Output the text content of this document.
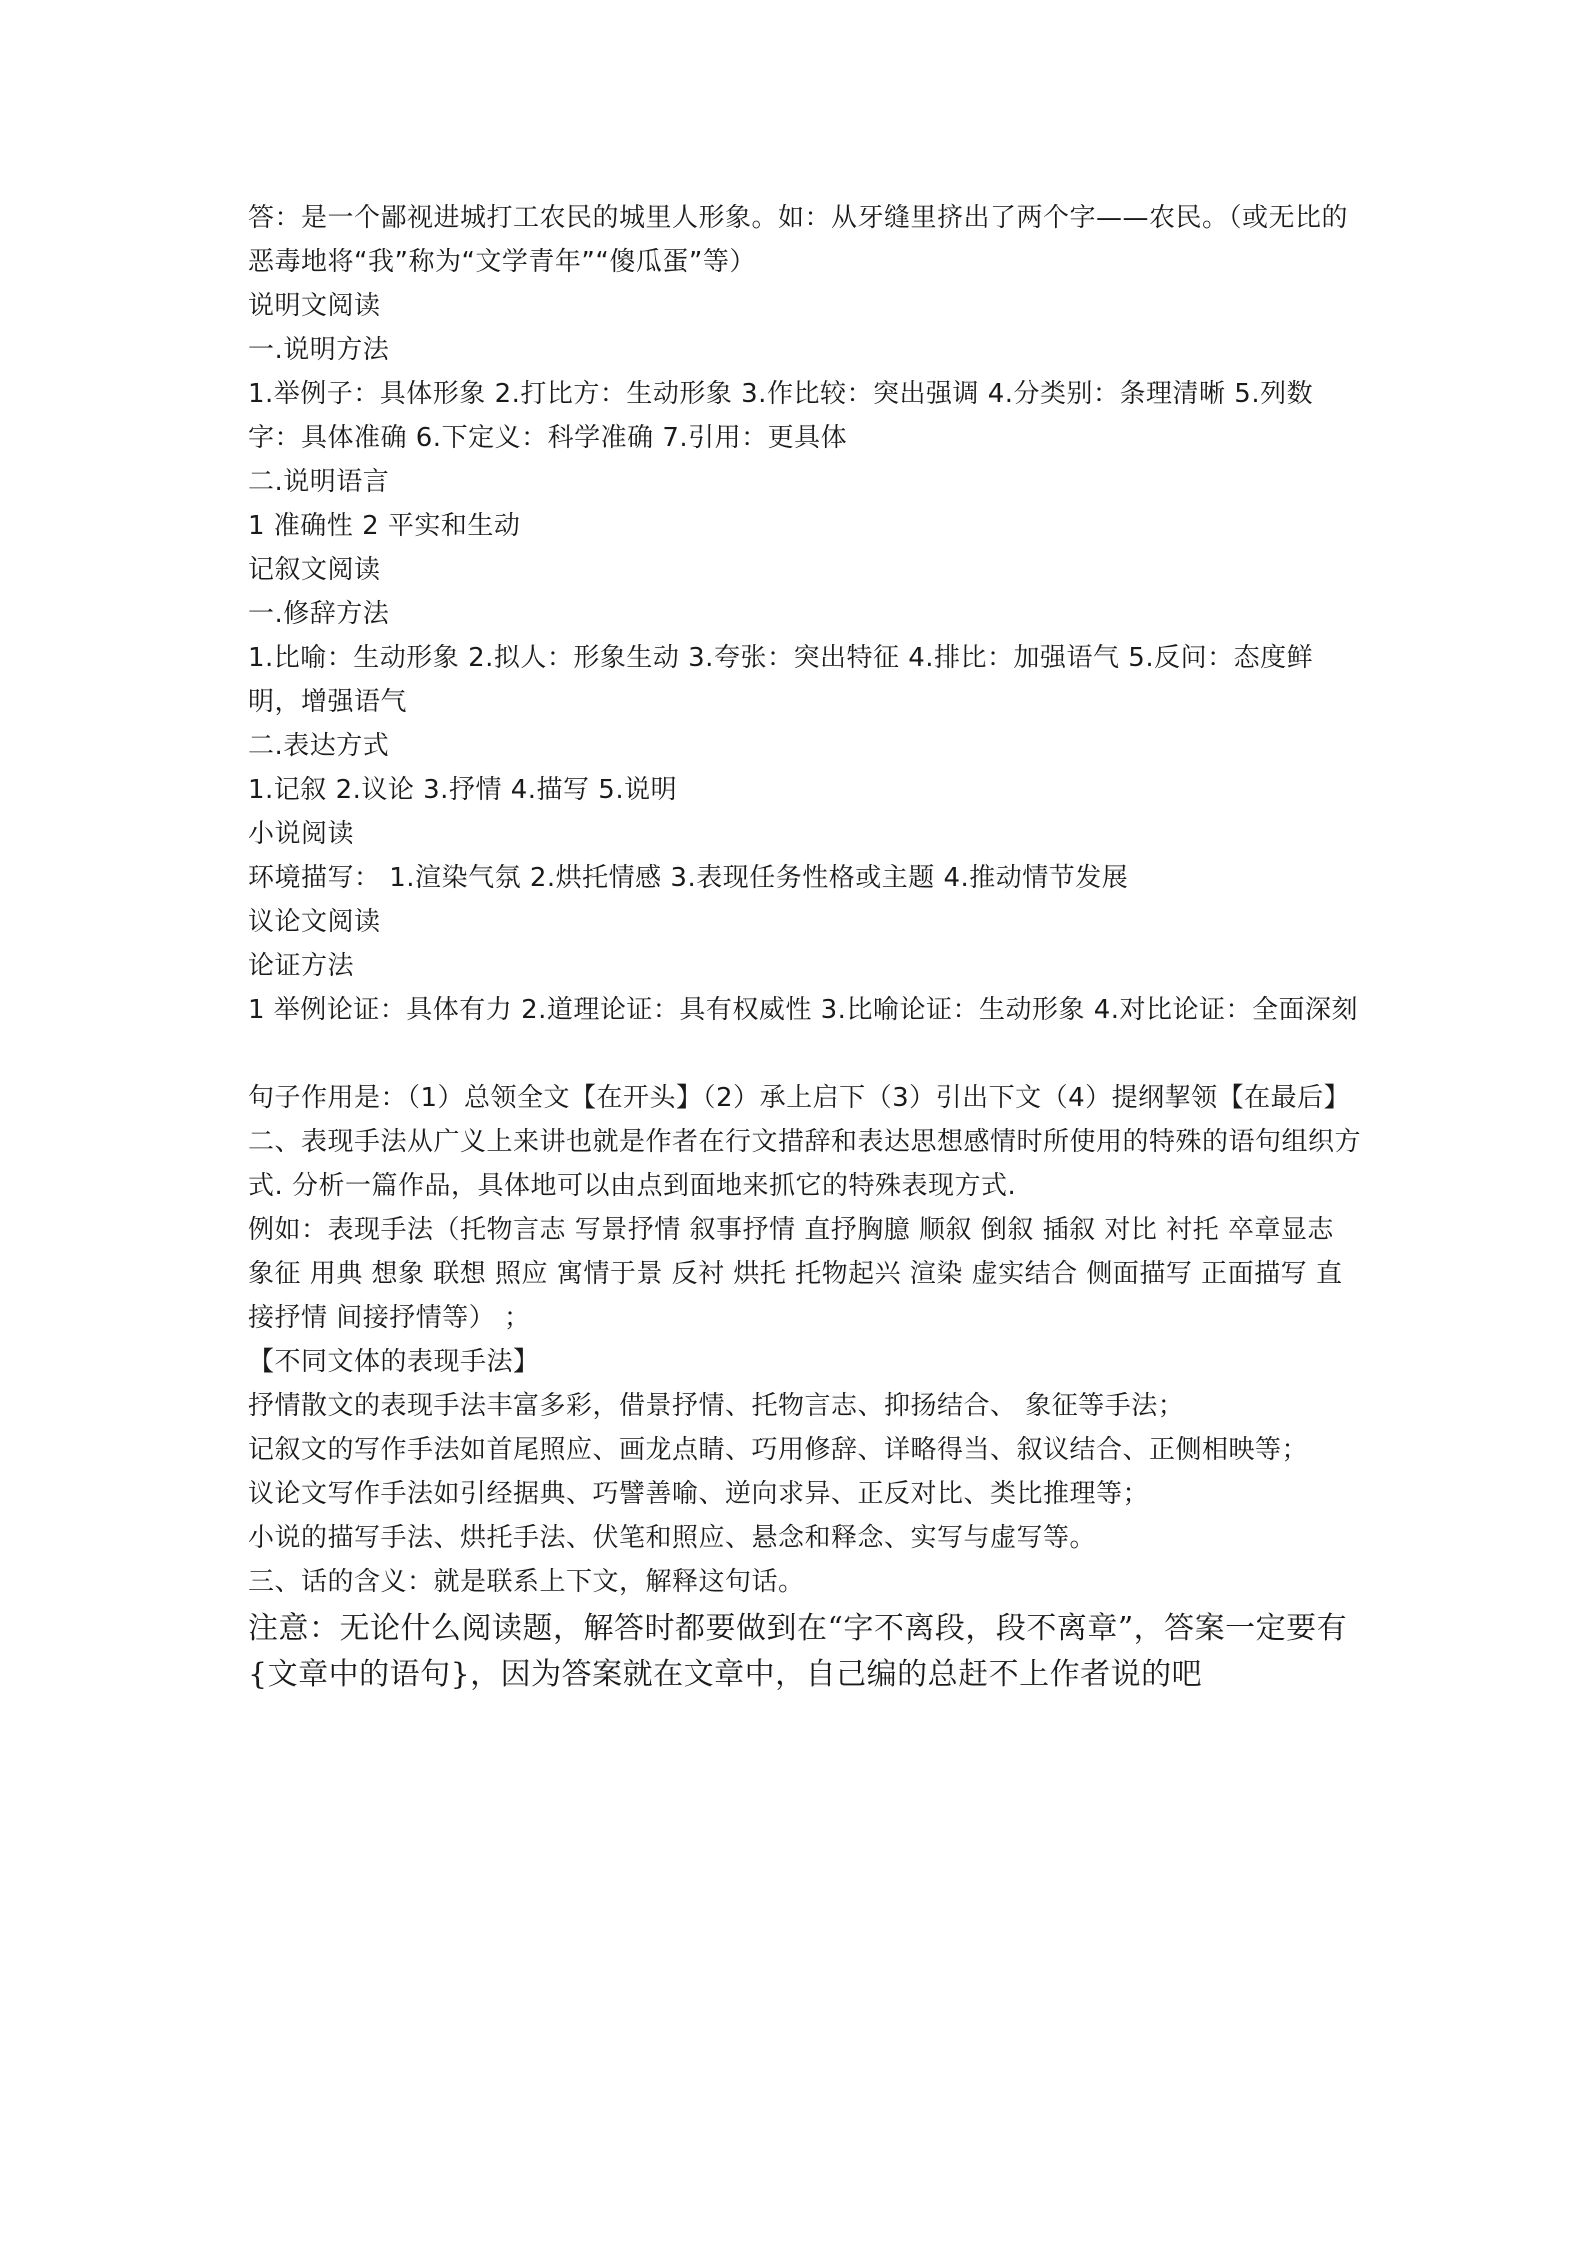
答：是一个鄙视进城打工农民的城里人形象。如：从牙缝里挤出了两个字——农民。（或无比的恶毒地将“我”称为“文学青年”“傻瓜蛋”等）

说明文阅读

一.说明方法

1.举例子：具体形象 2.打比方：生动形象 3.作比较：突出强调 4.分类别：条理清晰 5.列数字：具体准确 6.下定义：科学准确 7.引用：更具体

二.说明语言

1 准确性 2 平实和生动

记叙文阅读

一.修辞方法

1.比喻：生动形象 2.拟人：形象生动 3.夸张：突出特征 4.排比：加强语气 5.反问：态度鲜明，增强语气

二.表达方式

1.记叙 2.议论 3.抒情 4.描写 5.说明

小说阅读

环境描写： 1.渲染气氛 2.烘托情感 3.表现任务性格或主题 4.推动情节发展

议论文阅读

论证方法

1 举例论证：具体有力 2.道理论证：具有权威性 3.比喻论证：生动形象 4.对比论证：全面深刻

句子作用是：（1）总领全文【在开头】（2）承上启下（3）引出下文（4）提纲挈领【在最后】

二、表现手法从广义上来讲也就是作者在行文措辞和表达思想感情时所使用的特殊的语句组织方式. 分析一篇作品，具体地可以由点到面地来抓它的特殊表现方式.

例如：表现手法（托物言志 写景抒情 叙事抒情 直抒胸臆 顺叙 倒叙 插叙 对比 衬托 卒章显志 象征 用典 想象 联想 照应 寓情于景 反衬 烘托 托物起兴 渲染 虚实结合 侧面描写 正面描写 直接抒情 间接抒情等） ；

【不同文体的表现手法】

抒情散文的表现手法丰富多彩，借景抒情、托物言志、抑扬结合、 象征等手法；

记叙文的写作手法如首尾照应、画龙点睛、巧用修辞、详略得当、叙议结合、正侧相映等；

议论文写作手法如引经据典、巧譬善喻、逆向求异、正反对比、类比推理等；

小说的描写手法、烘托手法、伏笔和照应、悬念和释念、实写与虚写等。

三、话的含义：就是联系上下文，解释这句话。

注意：无论什么阅读题，解答时都要做到在“字不离段，段不离章”，答案一定要有{文章中的语句}，因为答案就在文章中，自己编的总赶不上作者说的吧
